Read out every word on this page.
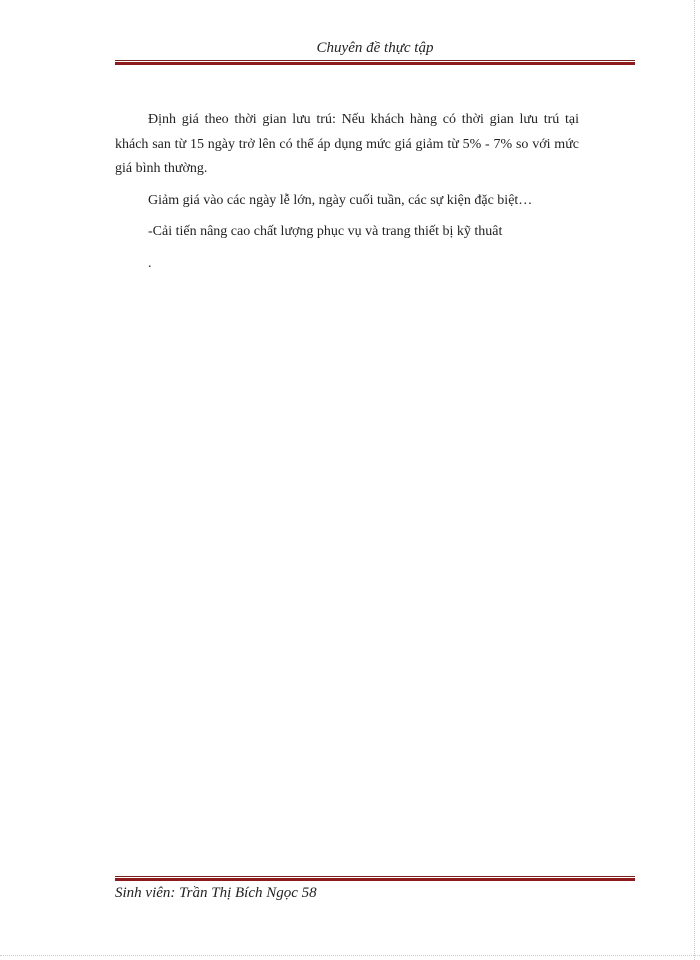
Chuyên đề thực tập

Định giá theo thời gian lưu trú: Nếu khách hàng có thời gian lưu trú tại khách san từ 15 ngày trở lên có thể áp dụng mức giá giảm từ 5% - 7% so với mức giá bình thường.

Giảm giá vào các ngày lễ lớn, ngày cuối tuần, các sự kiện đặc biệt…

-Cải tiến nâng cao chất lượng phục vụ và trang thiết bị kỹ thuât

.

Sinh viên: Trần Thị Bích Ngọc 58
